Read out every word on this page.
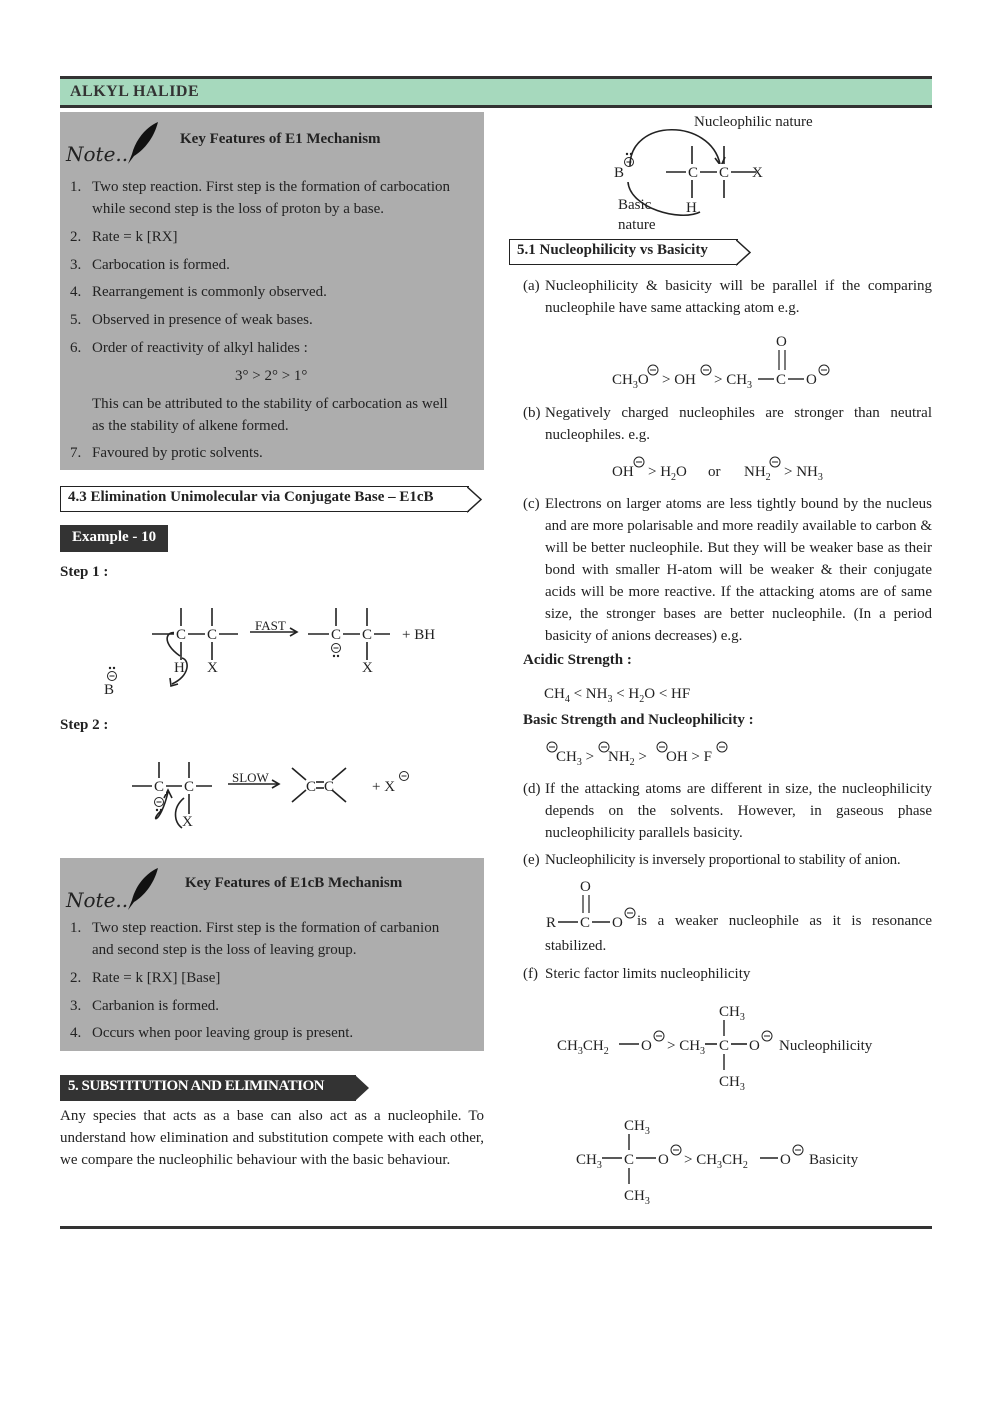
ALKYL HALIDE
Note..
Key Features of E1 Mechanism
1. Two step reaction. First step is the formation of carbocation
while second step is the loss of proton by a base.
2. Rate = k [RX]
3. Carbocation is formed.
4. Rearrangement is commonly observed.
5. Observed in presence of weak bases.
6. Order of reactivity of alkyl halides :
3° > 2° > 1°
This can be attributed to the stability of carbocation as well
as the stability of alkene formed.
7. Favoured by protic solvents.
4.3 Elimination Unimolecular via Conjugate Base – E1cB
Example - 10
Step 1 :
C C	C C
FAST
+ BH
H X	X
B
Step 2 :
C C	C C
SLOW
+ X
X
Note..
Key Features of E1cB Mechanism
1. Two step reaction. First step is the formation of carbanion
and second step is the loss of leaving group.
2. Rate = k [RX] [Base]
3. Carbanion is formed.
4. Occurs when poor leaving group is present.
5. SUBSTITUTION AND ELIMINATION
Any species that acts as a base can also act as a nucleophile. To understand how elimination and substitution compete with each other, we compare the nucleophilic behaviour with the basic behaviour.
Nucleophilic nature
C C X
B
H
Basic
nature
5.1 Nucleophilicity vs Basicity
(a) Nucleophilicity & basicity will be parallel if the comparing nucleophile have same attacking atom e.g.
$CH_3O$ > OH > $CH_3$ C
O
O
(b) Negatively charged nucleophiles are stronger than neutral nucleophiles. e.g.
OH > $H_2O$ or $NH_2 > NH_3$
(c) Electrons on larger atoms are less tightly bound by the nucleus and are more polarisable and more readily available to carbon & will be better nucleophile. But they will be weaker base as their bond with smaller H-atom will be weaker & their conjugate acids will be more reactive. If the attacking atoms are of same size, the stronger bases are better nucleophile. (In a period basicity of anions decreases) e.g.
Acidic Strength :
$CH_4 < NH_3 < H_2O$ < HF
Basic Strength and Nucleophilicity :
$CH_3 > NH_2$ > OH > F
(d) If the attacking atoms are different in size, the nucleophilicity depends on the solvents. However, in gaseous phase nucleophilicity parallels basicity.
(e) Nucleophilicity is inversely proportional to stability of anion.
R C
O
O is a weaker nucleophile as it is resonance
stabilized.
(f) Steric factor limits nucleophilicity
$CH_3CH_2$ $O > CH_3$ C
$CH_3$
$CH_3$
O Nucleophilicity
$CH_3$ C
$CH_3$
$CH_3$
$O > CH_3CH_2$ O Basicity
